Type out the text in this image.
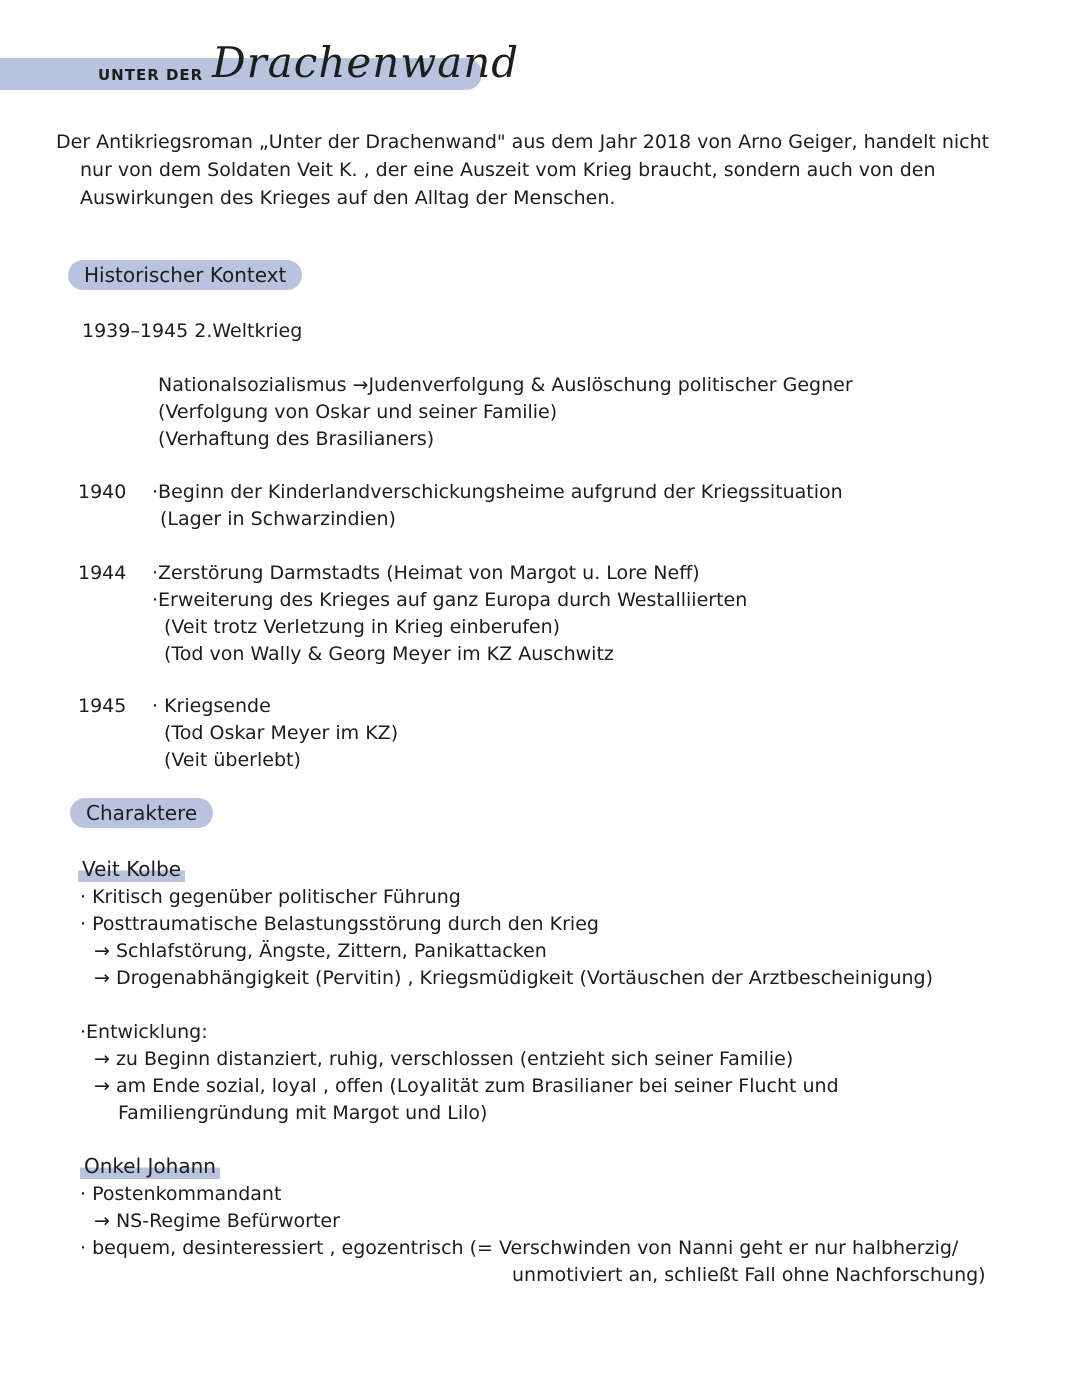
UNTER DER Drachenwand
Der Antikriegsroman „Unter der Drachenwand" aus dem Jahr 2018 von Arno Geiger, handelt nicht
nur von dem Soldaten Veit K. , der eine Auszeit vom Krieg braucht, sondern auch von den
Auswirkungen des Krieges auf den Alltag der Menschen.
Historischer Kontext
1939–1945 2.Weltkrieg
Nationalsozialismus →Judenverfolgung & Auslöschung politischer Gegner
(Verfolgung von Oskar und seiner Familie)
(Verhaftung des Brasilianers)
1940 ·Beginn der Kinderlandverschickungsheime aufgrund der Kriegssituation
(Lager in Schwarzindien)
1944 ·Zerstörung Darmstadts (Heimat von Margot u. Lore Neff)
·Erweiterung des Krieges auf ganz Europa durch Westalliierten
(Veit trotz Verletzung in Krieg einberufen)
(Tod von Wally & Georg Meyer im KZ Auschwitz
1945 · Kriegsende
(Tod Oskar Meyer im KZ)
(Veit überlebt)
Charaktere
Veit Kolbe
· Kritisch gegenüber politischer Führung
· Posttraumatische Belastungsstörung durch den Krieg
→ Schlafstörung, Ängste, Zittern, Panikattacken
→ Drogenabhängigkeit (Pervitin) , Kriegsmüdigkeit (Vortäuschen der Arztbescheinigung)
·Entwicklung:
→ zu Beginn distanziert, ruhig, verschlossen (entzieht sich seiner Familie)
→ am Ende sozial, loyal , offen (Loyalität zum Brasilianer bei seiner Flucht und
Familiengründung mit Margot und Lilo)
Onkel Johann
· Postenkommandant
→ NS-Regime Befürworter
· bequem, desinteressiert , egozentrisch (= Verschwinden von Nanni geht er nur halbherzig/
unmotiviert an, schließt Fall ohne Nachforschung)
